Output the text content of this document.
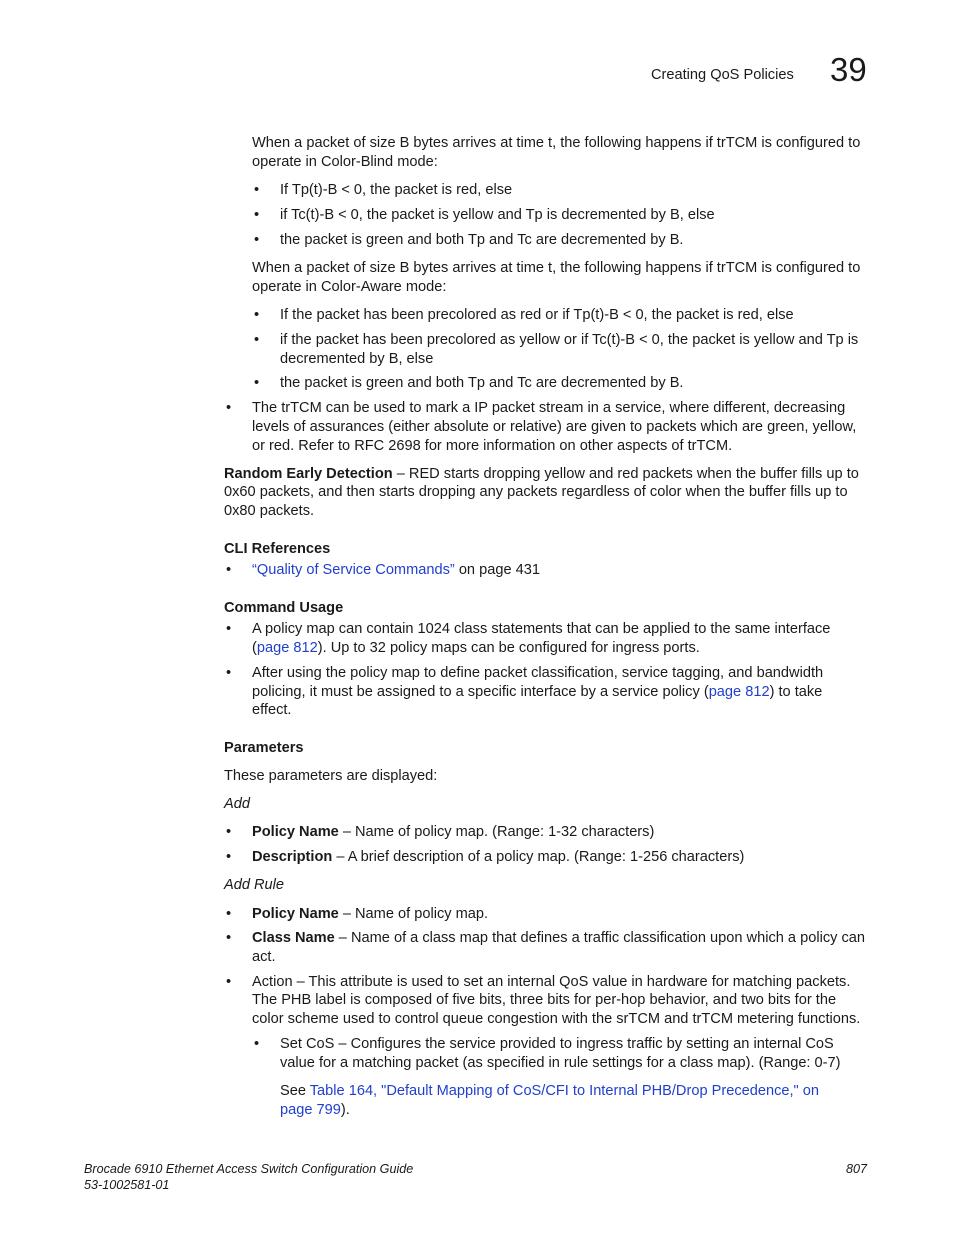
Creating QoS Policies 39

When a packet of size B bytes arrives at time t, the following happens if trTCM is configured to

operate in Color-Blind mode:

•	If Tp(t)-B < 0, the packet is red, else

•	if Tc(t)-B < 0, the packet is yellow and Tp is decremented by B, else

•	the packet is green and both Tp and Tc are decremented by B.

When a packet of size B bytes arrives at time t, the following happens if trTCM is configured to

operate in Color-Aware mode:

•	If the packet has been precolored as red or if Tp(t)-B < 0, the packet is red, else

•	if the packet has been precolored as yellow or if Tc(t)-B < 0, the packet is yellow and Tp is

decremented by B, else

•	the packet is green and both Tp and Tc are decremented by B.

•	The trTCM can be used to mark a IP packet stream in a service, where different, decreasing

levels of assurances (either absolute or relative) are given to packets which are green, yellow,

or red. Refer to RFC 2698 for more information on other aspects of trTCM.

Random Early Detection – RED starts dropping yellow and red packets when the buffer fills up to

0x60 packets, and then starts dropping any packets regardless of color when the buffer fills up to

0x80 packets.

CLI References

•	“Quality of Service Commands” on page 431

Command Usage

•	A policy map can contain 1024 class statements that can be applied to the same interface

(page 812). Up to 32 policy maps can be configured for ingress ports.

•	After using the policy map to define packet classification, service tagging, and bandwidth

policing, it must be assigned to a specific interface by a service policy (page 812) to take

effect.

Parameters

These parameters are displayed:

Add

•	Policy Name – Name of policy map. (Range: 1-32 characters)

•	Description – A brief description of a policy map. (Range: 1-256 characters)

Add Rule

•	Policy Name – Name of policy map.

•	Class Name – Name of a class map that defines a traffic classification upon which a policy can

act.

•	Action – This attribute is used to set an internal QoS value in hardware for matching packets.

The PHB label is composed of five bits, three bits for per-hop behavior, and two bits for the

color scheme used to control queue congestion with the srTCM and trTCM metering functions.

•	Set CoS – Configures the service provided to ingress traffic by setting an internal CoS

value for a matching packet (as specified in rule settings for a class map). (Range: 0-7)

See Table 164, "Default Mapping of CoS/CFI to Internal PHB/Drop Precedence," on

page 799).

Brocade 6910 Ethernet Access Switch Configuration Guide
53-1002581-01
807
